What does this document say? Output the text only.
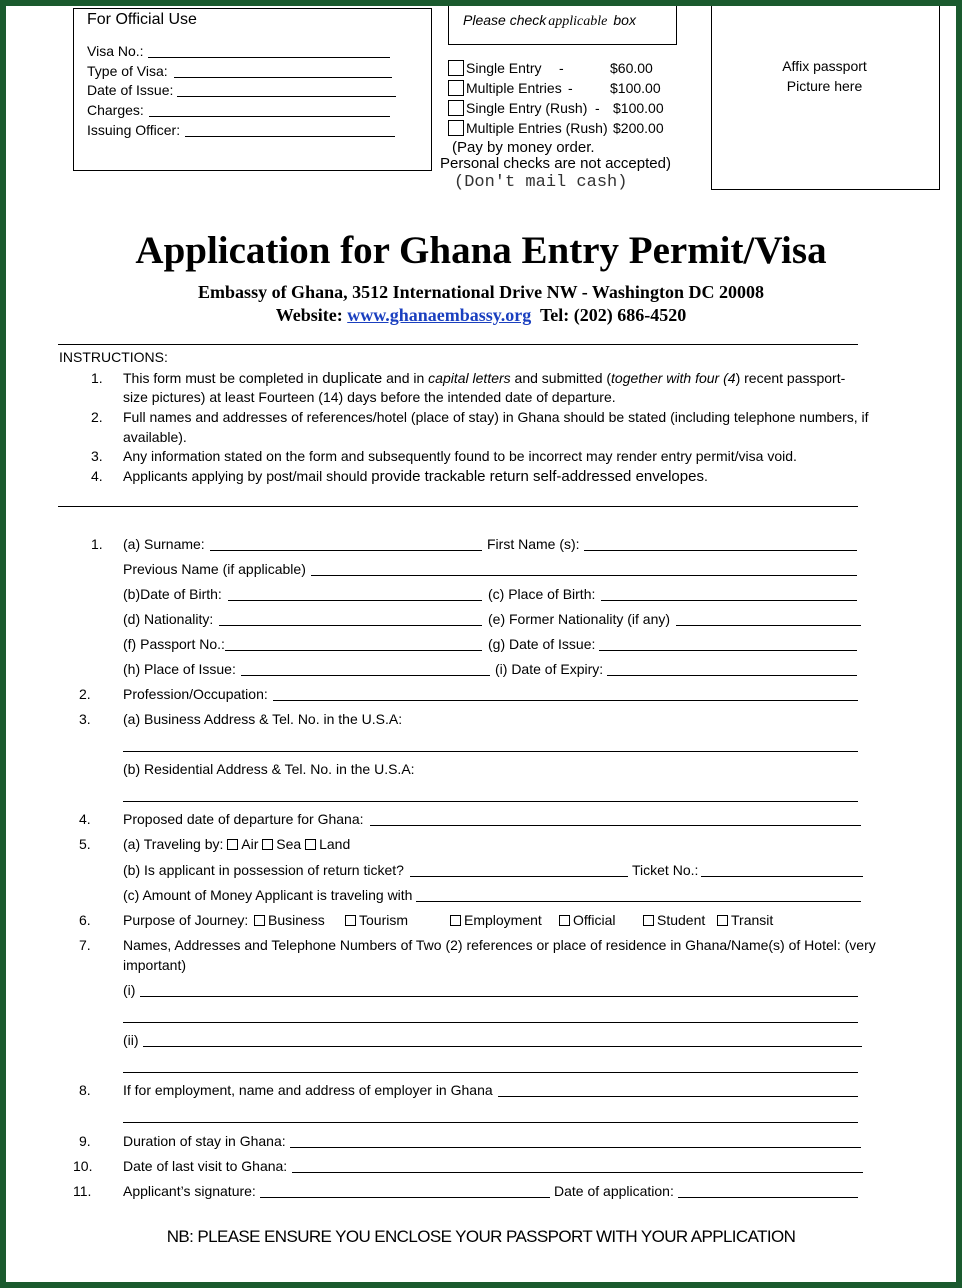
For Official Use
Visa No.:
Type of Visa:
Date of Issue:
Charges:
Issuing Officer:
Please check applicable box
Single Entry -	$60.00
Multiple Entries -	$100.00
Single Entry (Rush) - $100.00
Multiple Entries (Rush) $200.00
(Pay by money order.
Personal checks are not accepted)
(Don't mail cash)
Affix passport
Picture here
Application for Ghana Entry Permit/Visa
Embassy of Ghana, 3512 International Drive NW - Washington DC 20008
Website: www.ghanaembassy.org Tel: (202) 686-4520
INSTRUCTIONS:
1. This form must be completed in duplicate and in capital letters and submitted (together with four (4) recent passport-
size pictures) at least Fourteen (14) days before the intended date of departure.
2. Full names and addresses of references/hotel (place of stay) in Ghana should be stated (including telephone numbers, if
available).
3. Any information stated on the form and subsequently found to be incorrect may render entry permit/visa void.
4. Applicants applying by post/mail should provide trackable return self-addressed envelopes.
1. (a) Surname:	First Name (s):
Previous Name (if applicable)
(b)Date of Birth:	(c) Place of Birth:
(d) Nationality:	(e) Former Nationality (if any)
(f) Passport No.:	(g) Date of Issue:
(h) Place of Issue:	(i) Date of Expiry:
2. Profession/Occupation:
3. (a) Business Address & Tel. No. in the U.S.A:
(b) Residential Address & Tel. No. in the U.S.A:
4. Proposed date of departure for Ghana:
5. (a) Traveling by: Air Sea Land
(b) Is applicant in possession of return ticket?	Ticket No.:
(c) Amount of Money Applicant is traveling with
6. Purpose of Journey:	Business	Tourism	Employment	Official	Student	Transit
7. Names, Addresses and Telephone Numbers of Two (2) references or place of residence in Ghana/Name(s) of Hotel: (very
important)
(i)
(ii)
8. If for employment, name and address of employer in Ghana
9. Duration of stay in Ghana:
10. Date of last visit to Ghana:
11. Applicant’s signature:	Date of application:
NB: PLEASE ENSURE YOU ENCLOSE YOUR PASSPORT WITH YOUR APPLICATION
